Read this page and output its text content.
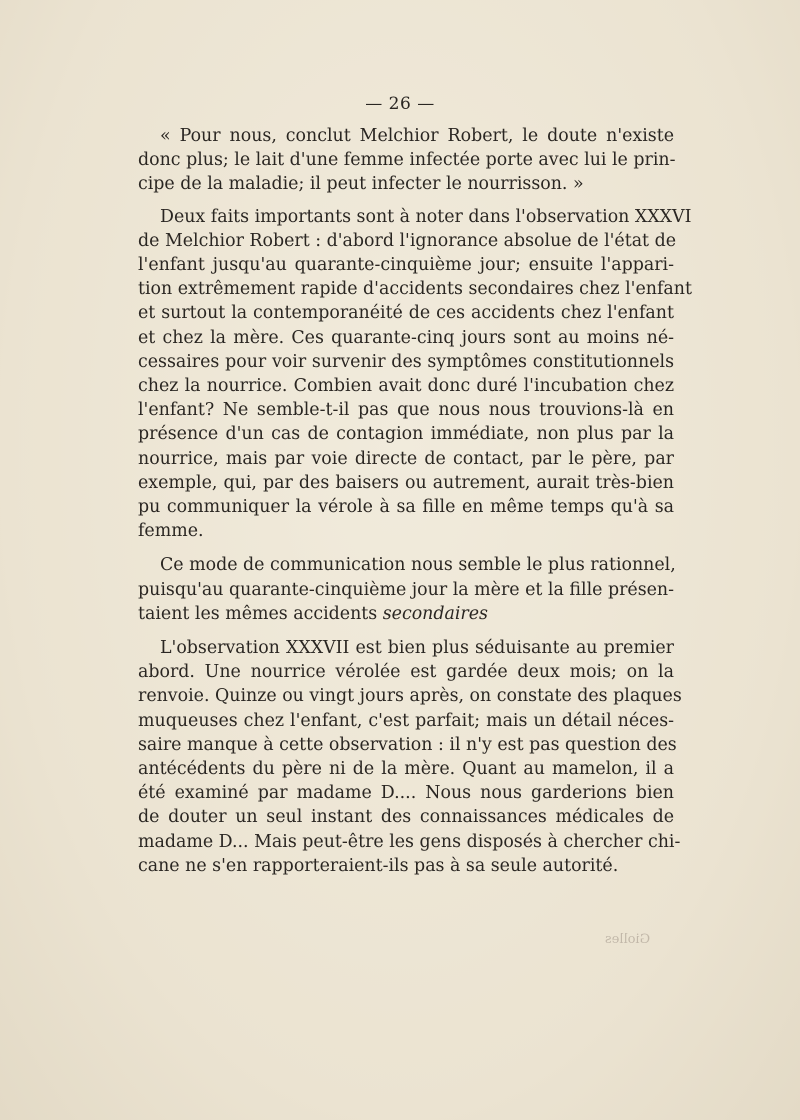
— 26 —

« Pour nous, conclut Melchior Robert, le doute n'existe
donc plus; le lait d'une femme infectée porte avec lui le prin-
cipe de la maladie; il peut infecter le nourrisson. »

Deux faits importants sont à noter dans l'observation XXXVI
de Melchior Robert : d'abord l'ignorance absolue de l'état de
l'enfant jusqu'au quarante-cinquième jour; ensuite l'appari-
tion extrêmement rapide d'accidents secondaires chez l'enfant
et surtout la contemporanéité de ces accidents chez l'enfant
et chez la mère. Ces quarante-cinq jours sont au moins né-
cessaires pour voir survenir des symptômes constitutionnels
chez la nourrice. Combien avait donc duré l'incubation chez
l'enfant? Ne semble-t-il pas que nous nous trouvions-là en
présence d'un cas de contagion immédiate, non plus par la
nourrice, mais par voie directe de contact, par le père, par
exemple, qui, par des baisers ou autrement, aurait très-bien
pu communiquer la vérole à sa fille en même temps qu'à sa
femme.

Ce mode de communication nous semble le plus rationnel,
puisqu'au quarante-cinquième jour la mère et la fille présen-
taient les mêmes accidents secondaires

L'observation XXXVII est bien plus séduisante au premier
abord. Une nourrice vérolée est gardée deux mois; on la
renvoie. Quinze ou vingt jours après, on constate des plaques
muqueuses chez l'enfant, c'est parfait; mais un détail néces-
saire manque à cette observation : il n'y est pas question des
antécédents du père ni de la mère. Quant au mamelon, il a
été examiné par madame D.... Nous nous garderions bien
de douter un seul instant des connaissances médicales de
madame D... Mais peut-être les gens disposés à chercher chi-
cane ne s'en rapporteraient-ils pas à sa seule autorité.

Giolles
